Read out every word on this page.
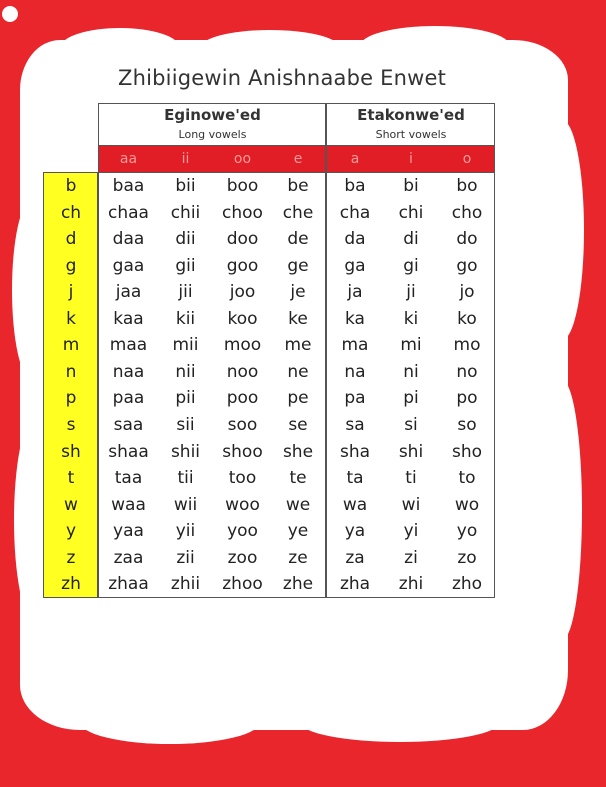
Zhibiigewin Anishnaabe Enwet
Eginowe'ed
Long vowels
Etakonwe'ed
Short vowels
aa	ii	oo	e	a	i	o
b	baa	bii	boo	be	ba	bi	bo
ch	chaa	chii	choo	che	cha	chi	cho
d	daa	dii	doo	de	da	di	do
g	gaa	gii	goo	ge	ga	gi	go
j	jaa	jii	joo	je	ja	ji	jo
k	kaa	kii	koo	ke	ka	ki	ko
m	maa	mii	moo	me	ma	mi	mo
n	naa	nii	noo	ne	na	ni	no
p	paa	pii	poo	pe	pa	pi	po
s	saa	sii	soo	se	sa	si	so
sh	shaa	shii	shoo	she	sha	shi	sho
t	taa	tii	too	te	ta	ti	to
w	waa	wii	woo	we	wa	wi	wo
y	yaa	yii	yoo	ye	ya	yi	yo
z	zaa	zii	zoo	ze	za	zi	zo
zh	zhaa	zhii	zhoo	zhe	zha	zhi	zho
